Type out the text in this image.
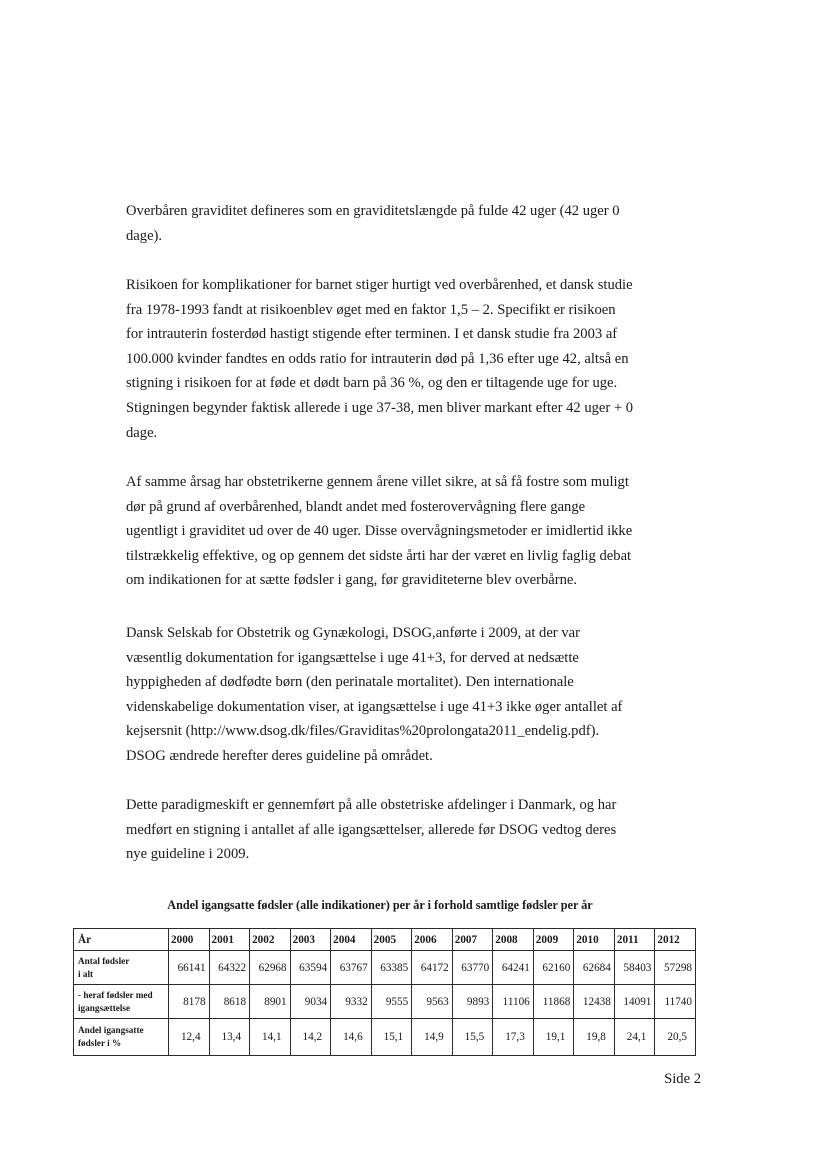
Overbåren graviditet defineres som en graviditetslængde på fulde 42 uger (42 uger 0
dage).

Risikoen for komplikationer for barnet stiger hurtigt ved overbårenhed, et dansk studie
fra 1978-1993 fandt at risikoenblev øget med en faktor 1,5 – 2. Specifikt er risikoen
for intrauterin fosterdød hastigt stigende efter terminen. I et dansk studie fra 2003 af
100.000 kvinder fandtes en odds ratio for intrauterin død på 1,36 efter uge 42, altså en
stigning i risikoen for at føde et dødt barn på 36 %, og den er tiltagende uge for uge.
Stigningen begynder faktisk allerede i uge 37-38, men bliver markant efter 42 uger + 0
dage.

Af samme årsag har obstetrikerne gennem årene villet sikre, at så få fostre som muligt
dør på grund af overbårenhed, blandt andet med fosterovervågning flere gange
ugentligt i graviditet ud over de 40 uger. Disse overvågningsmetoder er imidlertid ikke
tilstrækkelig effektive, og op gennem det sidste årti har der været en livlig faglig debat
om indikationen for at sætte fødsler i gang, før graviditeterne blev overbårne.

Dansk Selskab for Obstetrik og Gynækologi, DSOG,anførte i 2009, at der var
væsentlig dokumentation for igangsættelse i uge 41+3, for derved at nedsætte
hyppigheden af dødfødte børn (den perinatale mortalitet). Den internationale
videnskabelige dokumentation viser, at igangsættelse i uge 41+3 ikke øger antallet af
kejsersnit (http://www.dsog.dk/files/Graviditas%20prolongata2011_endelig.pdf).
DSOG ændrede herefter deres guideline på området.

Dette paradigmeskift er gennemført på alle obstetriske afdelinger i Danmark, og har
medført en stigning i antallet af alle igangsættelser, allerede før DSOG vedtog deres
nye guideline i 2009.

Andel igangsatte fødsler (alle indikationer) per år i forhold samtlige fødsler per år
År	2000	2001	2002	2003	2004	2005	2006	2007	2008	2009	2010	2011	2012
Antal fødsler
i alt	66141	64322	62968	63594	63767	63385	64172	63770	64241	62160	62684	58403	57298
- heraf fødsler med
igangsættelse	8178	8618	8901	9034	9332	9555	9563	9893	11106	11868	12438	14091	11740
Andel igangsatte
fødsler i %	12,4	13,4	14,1	14,2	14,6	15,1	14,9	15,5	17,3	19,1	19,8	24,1	20,5
Side 2
